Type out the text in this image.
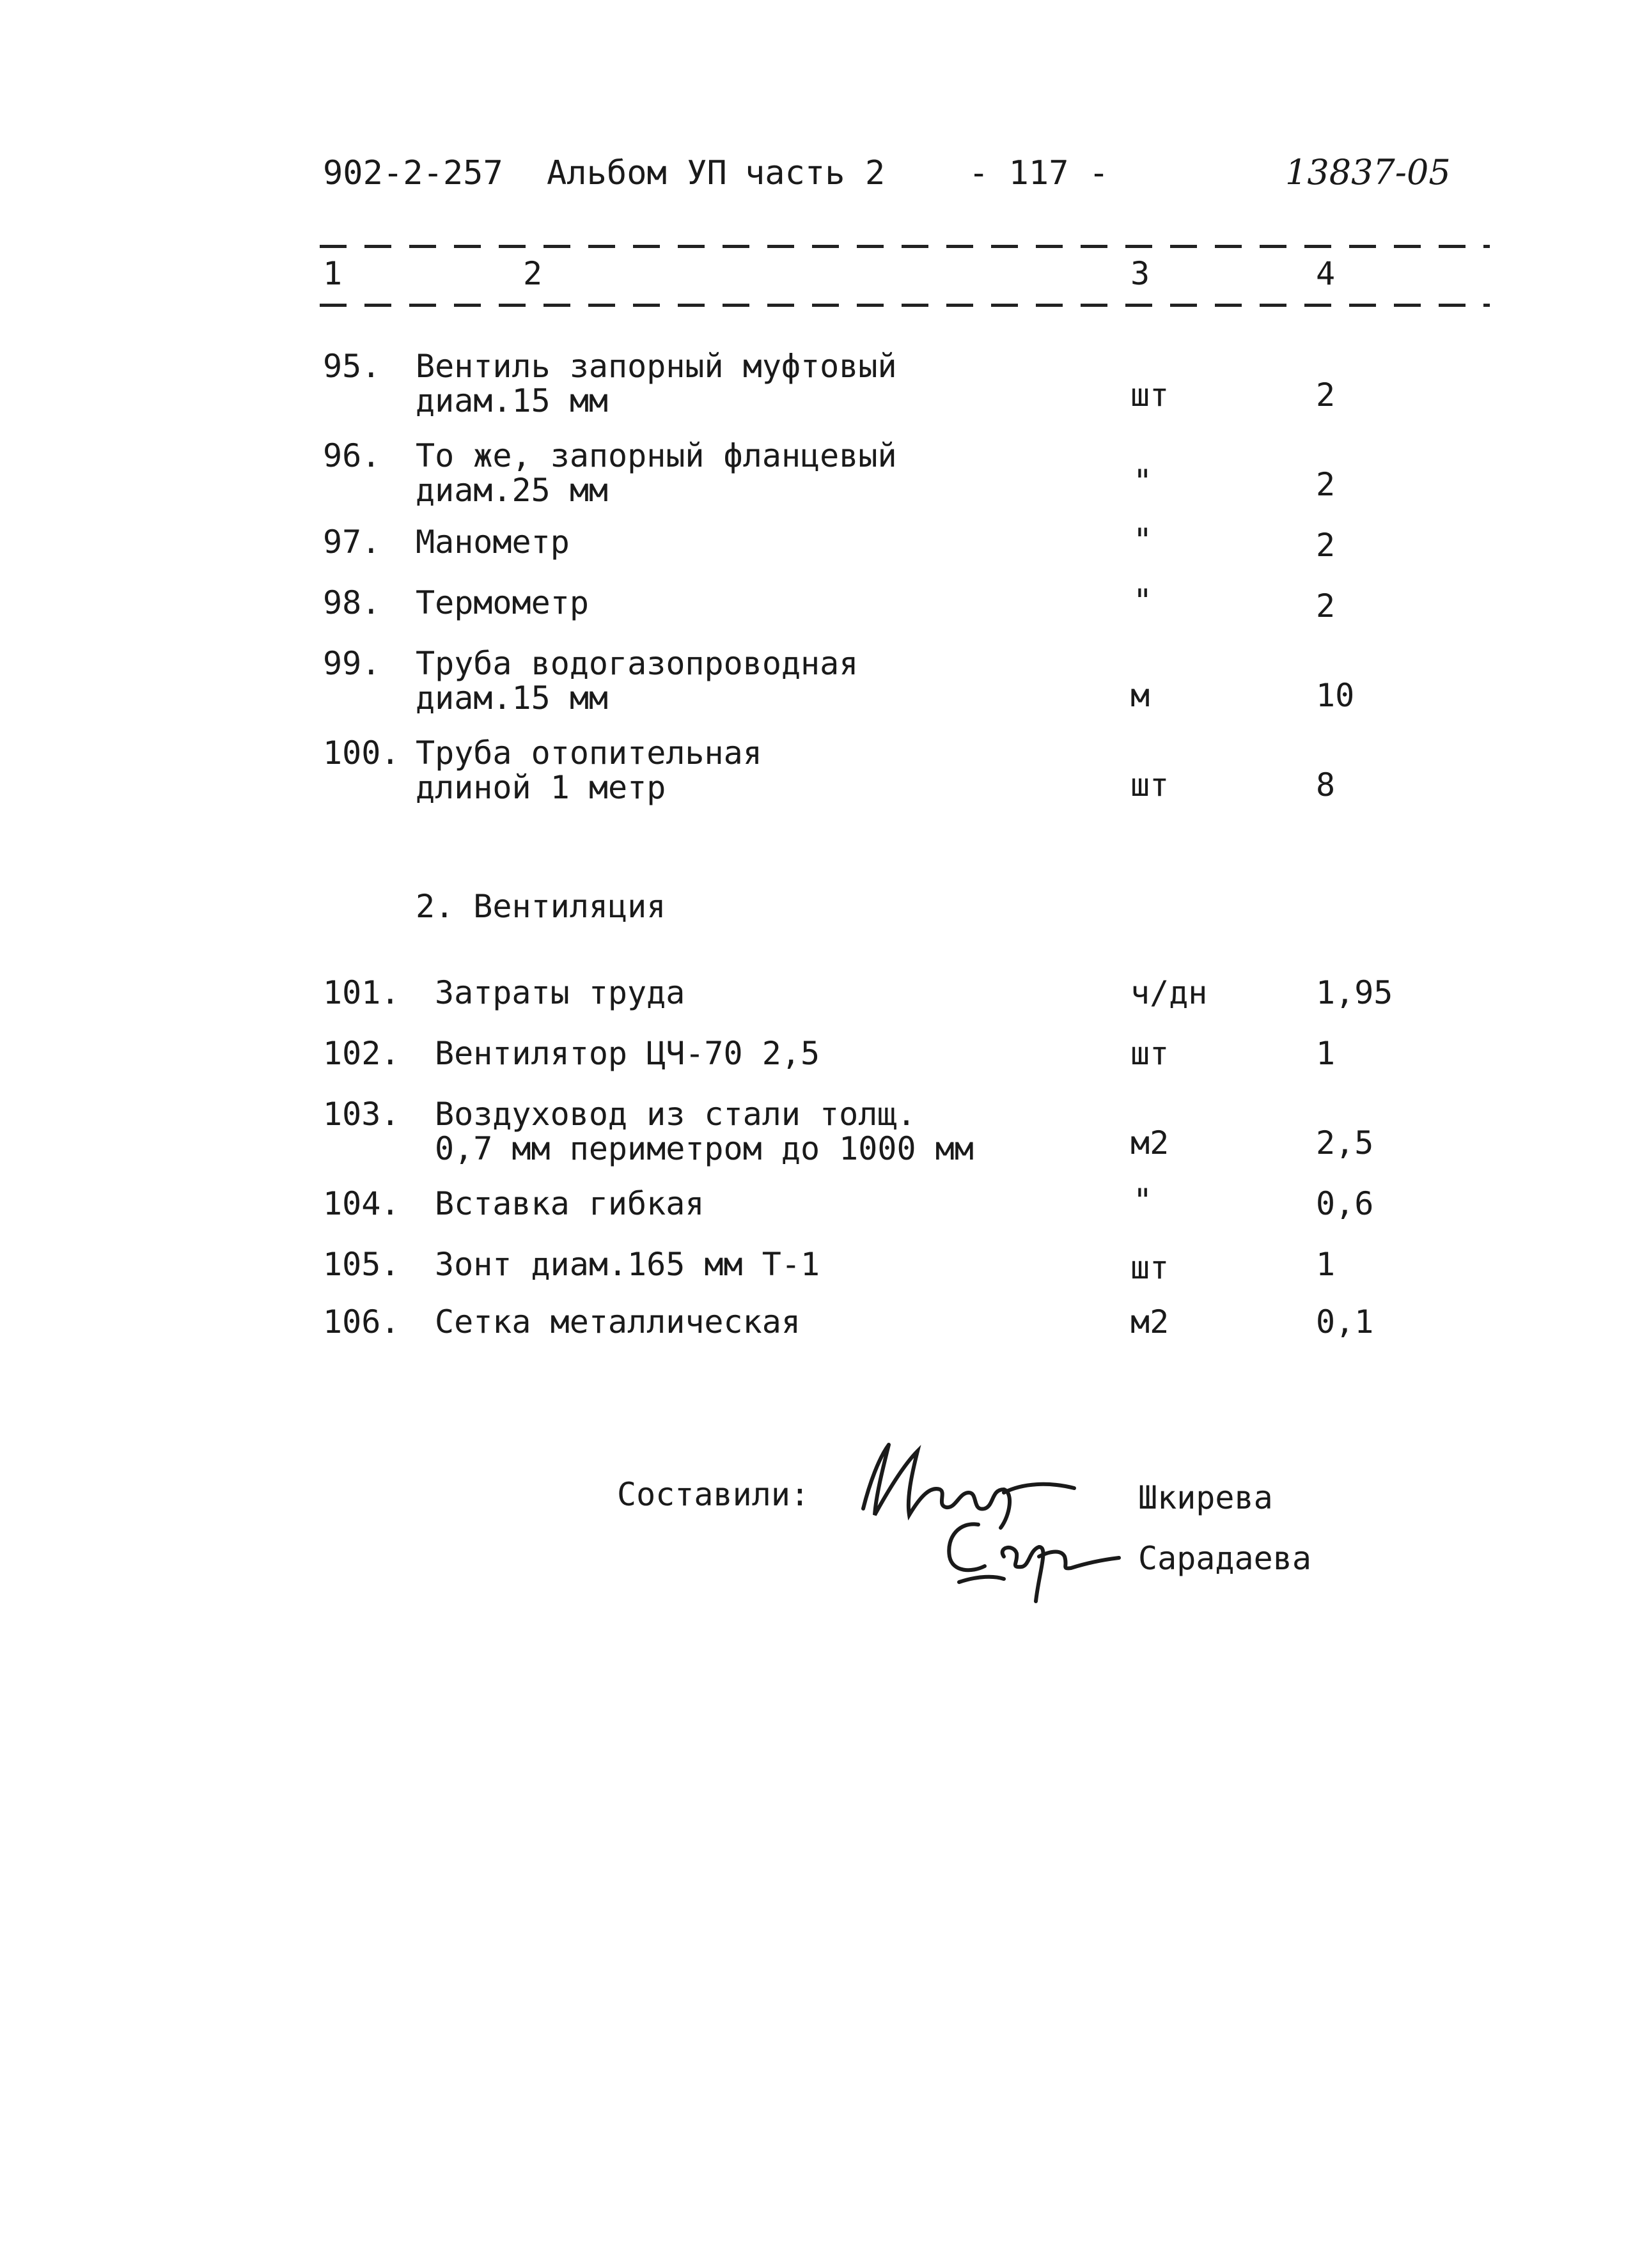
902-2-257 Альбом УП часть 2	- 117 -	13837-05
1	2	3	4
95. Вентиль запорный муфтовый
диам.15 мм	шт	2
96. То же, запорный фланцевый
диам.25 мм	"	2
97. Манометр	"	2
98. Термометр	"	2
99. Труба водогазопроводная
диам.15 мм	м	10
100. Труба отопительная
длиной 1 метр	шт	8
2. Вентиляция
101. Затраты труда	ч/дн	1,95
102. Вентилятор ЦЧ-70 2,5	шт	1
103. Воздуховод из стали толщ.
0,7 мм периметром до 1000 мм	м2	2,5
104. Вставка гибкая	"	0,6
105. Зонт диам.165 мм Т-1	шт	1
106. Сетка металлическая	м2	0,1
Составили:	Шкирева
Сарадаева
